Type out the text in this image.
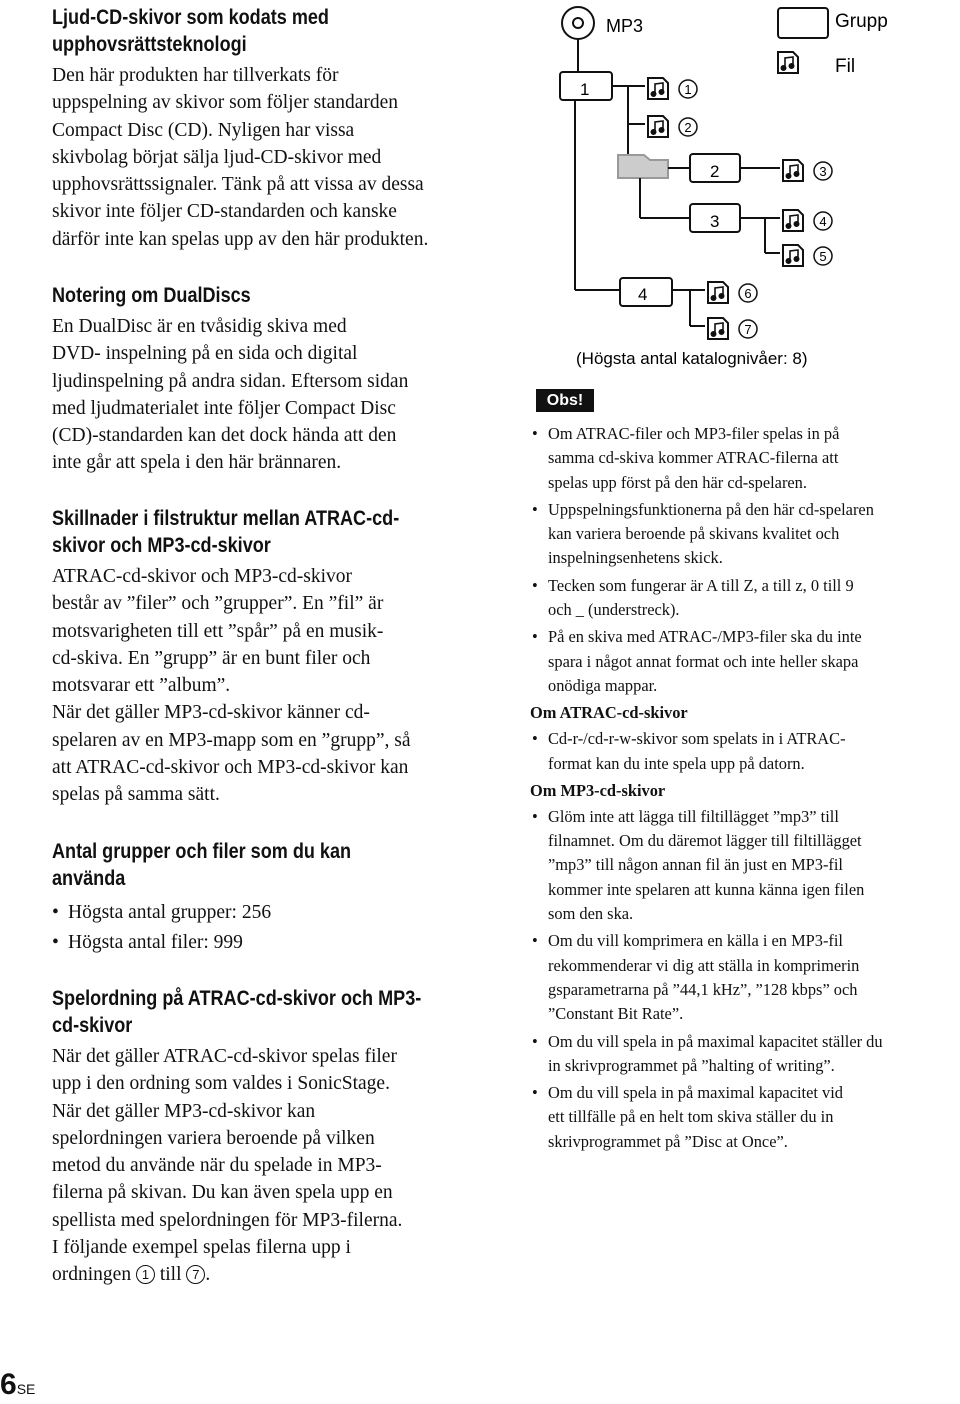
Ljud-CD-skivor som kodats med
upphovsrättsteknologi

Den här produkten har tillverkats för
uppspelning av skivor som följer standarden
Compact Disc (CD). Nyligen har vissa
skivbolag börjat sälja ljud-CD-skivor med
upphovsrättssignaler. Tänk på att vissa av dessa
skivor inte följer CD-standarden och kanske
därför inte kan spelas upp av den här produkten.

Notering om DualDiscs

En DualDisc är en tvåsidig skiva med
DVD- inspelning på en sida och digital
ljudinspelning på andra sidan. Eftersom sidan
med ljudmaterialet inte följer Compact Disc
(CD)-standarden kan det dock hända att den
inte går att spela i den här brännaren.

Skillnader i filstruktur mellan ATRAC-cd-
skivor och MP3-cd-skivor

ATRAC-cd-skivor och MP3-cd-skivor
består av ”filer” och ”grupper”. En ”fil” är
motsvarigheten till ett ”spår” på en musik-
cd-skiva. En ”grupp” är en bunt filer och
motsvarar ett ”album”.
När det gäller MP3-cd-skivor känner cd-
spelaren av en MP3-mapp som en ”grupp”, så
att ATRAC-cd-skivor och MP3-cd-skivor kan
spelas på samma sätt.

Antal grupper och filer som du kan
använda
• Högsta antal grupper: 256
• Högsta antal filer: 999
Spelordning på ATRAC-cd-skivor och MP3-
cd-skivor

När det gäller ATRAC-cd-skivor spelas filer
upp i den ordning som valdes i SonicStage.
När det gäller MP3-cd-skivor kan
spelordningen variera beroende på vilken
metod du använde när du spelade in MP3-
filerna på skivan. Du kan även spela upp en
spellista med spelordningen för MP3-filerna.
I följande exempel spelas filerna upp i
ordningen 1 till 7 .

1
2
3
4
MP3	Grupp
Fil
1
2
3
4
5
6
7
(Högsta antal katalognivåer: 8)
Obs!
• Om ATRAC-filer och MP3-filer spelas in på
samma cd-skiva kommer ATRAC-filerna att
spelas upp först på den här cd-spelaren.
• Uppspelningsfunktionerna på den här cd-spelaren
kan variera beroende på skivans kvalitet och
inspelningsenhetens skick.
• Tecken som fungerar är A till Z, a till z, 0 till 9
och _ (understreck).
• På en skiva med ATRAC-/MP3-filer ska du inte
spara i något annat format och inte heller skapa
onödiga mappar.
Om ATRAC-cd-skivor
• Cd-r-/cd-r-w-skivor som spelats in i ATRAC-
format kan du inte spela upp på datorn.
Om MP3-cd-skivor
• Glöm inte att lägga till filtillägget ”mp3” till
filnamnet. Om du däremot lägger till filtillägget
”mp3” till någon annan fil än just en MP3-fil
kommer inte spelaren att kunna känna igen filen
som den ska.
• Om du vill komprimera en källa i en MP3-fil
rekommenderar vi dig att ställa in komprimerin
gsparametrarna på ”44,1 kHz”, ”128 kbps” och
”Constant Bit Rate”.
• Om du vill spela in på maximal kapacitet ställer du
in skrivprogrammet på ”halting of writing”.
• Om du vill spela in på maximal kapacitet vid
ett tillfälle på en helt tom skiva ställer du in
skrivprogrammet på ”Disc at Once”.
6SE
